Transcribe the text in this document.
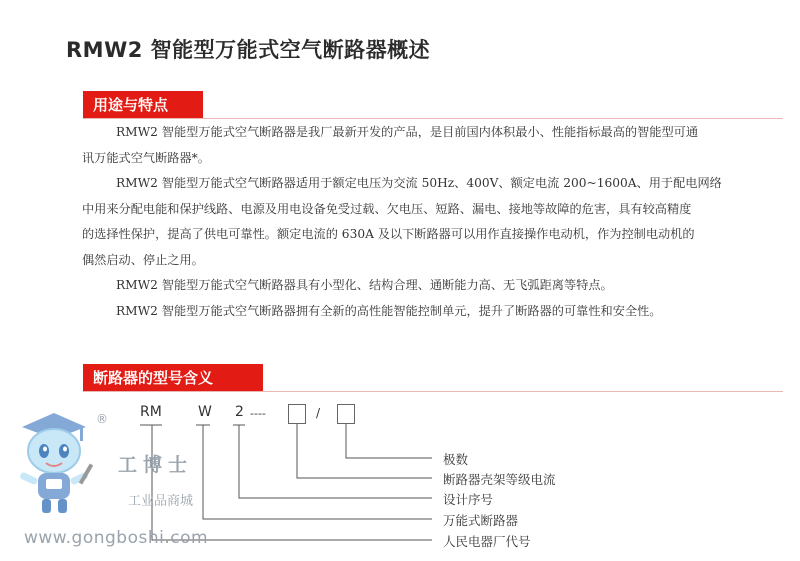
RMW2 智能型万能式空气断路器概述
用途与特点
RMW2 智能型万能式空气断路器是我厂最新开发的产品，是目前国内体积最小、性能指标最高的智能型可通
讯万能式空气断路器*。
RMW2 智能型万能式空气断路器适用于额定电压为交流 50Hz、400V、额定电流 200~1600A、用于配电网络
中用来分配电能和保护线路、电源及用电设备免受过载、欠电压、短路、漏电、接地等故障的危害，具有较高精度
的选择性保护，提高了供电可靠性。额定电流的 630A 及以下断路器可以用作直接操作电动机，作为控制电动机的
偶然启动、停止之用。
RMW2 智能型万能式空气断路器具有小型化、结构合理、通断能力高、无飞弧距离等特点。
RMW2 智能型万能式空气断路器拥有全新的高性能智能控制单元，提升了断路器的可靠性和安全性。
断路器的型号含义
RM	W 2 ----	/
极数
断路器壳架等级电流
设计序号
万能式断路器
人民电器厂代号
®
工博士
工业品商城
www.gongboshi.com
